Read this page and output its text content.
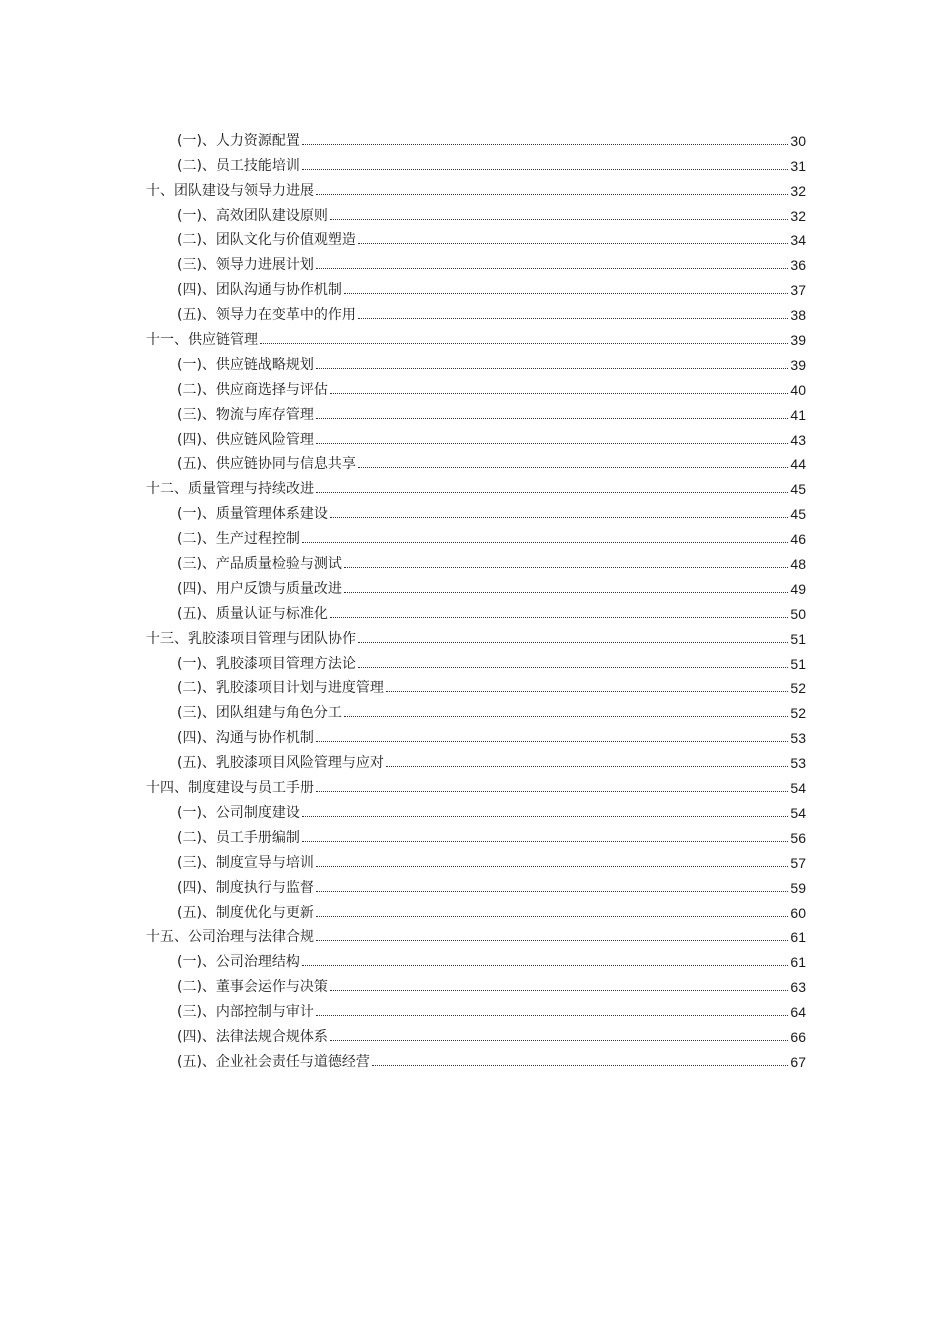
(一)、人力资源配置	30
(二)、员工技能培训	31
十、团队建设与领导力进展	32
(一)、高效团队建设原则	32
(二)、团队文化与价值观塑造	34
(三)、领导力进展计划	36
(四)、团队沟通与协作机制	37
(五)、领导力在变革中的作用	38
十一、供应链管理	39
(一)、供应链战略规划	39
(二)、供应商选择与评估	40
(三)、物流与库存管理	41
(四)、供应链风险管理	43
(五)、供应链协同与信息共享	44
十二、质量管理与持续改进	45
(一)、质量管理体系建设	45
(二)、生产过程控制	46
(三)、产品质量检验与测试	48
(四)、用户反馈与质量改进	49
(五)、质量认证与标准化	50
十三、乳胶漆项目管理与团队协作	51
(一)、乳胶漆项目管理方法论	51
(二)、乳胶漆项目计划与进度管理	52
(三)、团队组建与角色分工	52
(四)、沟通与协作机制	53
(五)、乳胶漆项目风险管理与应对	53
十四、制度建设与员工手册	54
(一)、公司制度建设	54
(二)、员工手册编制	56
(三)、制度宣导与培训	57
(四)、制度执行与监督	59
(五)、制度优化与更新	60
十五、公司治理与法律合规	61
(一)、公司治理结构	61
(二)、董事会运作与决策	63
(三)、内部控制与审计	64
(四)、法律法规合规体系	66
(五)、企业社会责任与道德经营	67
